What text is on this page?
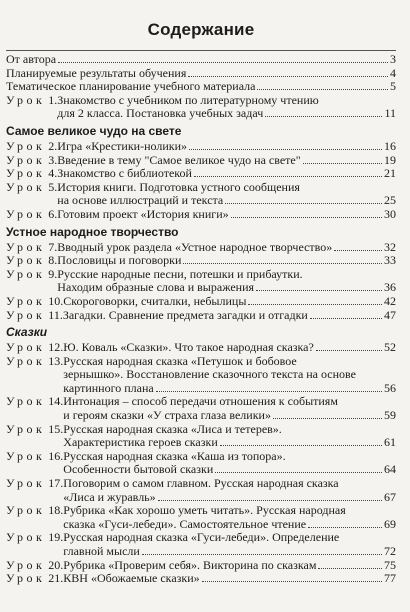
Содержание
От автора	3
Планируемые результаты обучения	4
Тематическое планирование учебного материала	5
Урок 1. Знакомство с учебником по литературному чтению
для 2 класса. Постановка учебных задач	11
Самое великое чудо на свете
Урок 2. Игра «Крестики-нолики»	16
Урок 3. Введение в тему "Самое великое чудо на свете"	19
Урок 4. Знакомство с библиотекой	21
Урок 5. История книги. Подготовка устного сообщения
на основе иллюстраций и текста	25
Урок 6. Готовим проект «История книги»	30
Устное народное творчество
Урок 7. Вводный урок раздела «Устное народное творчество»	32
Урок 8. Пословицы и поговорки	33
Урок 9. Русские народные песни, потешки и прибаутки.
Находим образные слова и выражения	36
Урок 10. Скороговорки, считалки, небылицы	42
Урок 11. Загадки. Сравнение предмета загадки и отгадки	47
Сказки
Урок 12. Ю. Коваль «Сказки». Что такое народная сказка?	52
Урок 13. Русская народная сказка «Петушок и бобовое
зернышко». Восстановление сказочного текста на основе
картинного плана	56
Урок 14. Интонация – способ передачи отношения к событиям
и героям сказки «У страха глаза велики»	59
Урок 15. Русская народная сказка «Лиса и тетерев».
Характеристика героев сказки	61
Урок 16. Русская народная сказка «Каша из топора».
Особенности бытовой сказки	64
Урок 17. Поговорим о самом главном. Русская народная сказка
«Лиса и журавль»	67
Урок 18. Рубрика «Как хорошо уметь читать». Русская народная
сказка «Гуси-лебеди». Самостоятельное чтение	69
Урок 19. Русская народная сказка «Гуси-лебеди». Определение
главной мысли	72
Урок 20. Рубрика «Проверим себя». Викторина по сказкам	75
Урок 21. КВН «Обожаемые сказки»	77
